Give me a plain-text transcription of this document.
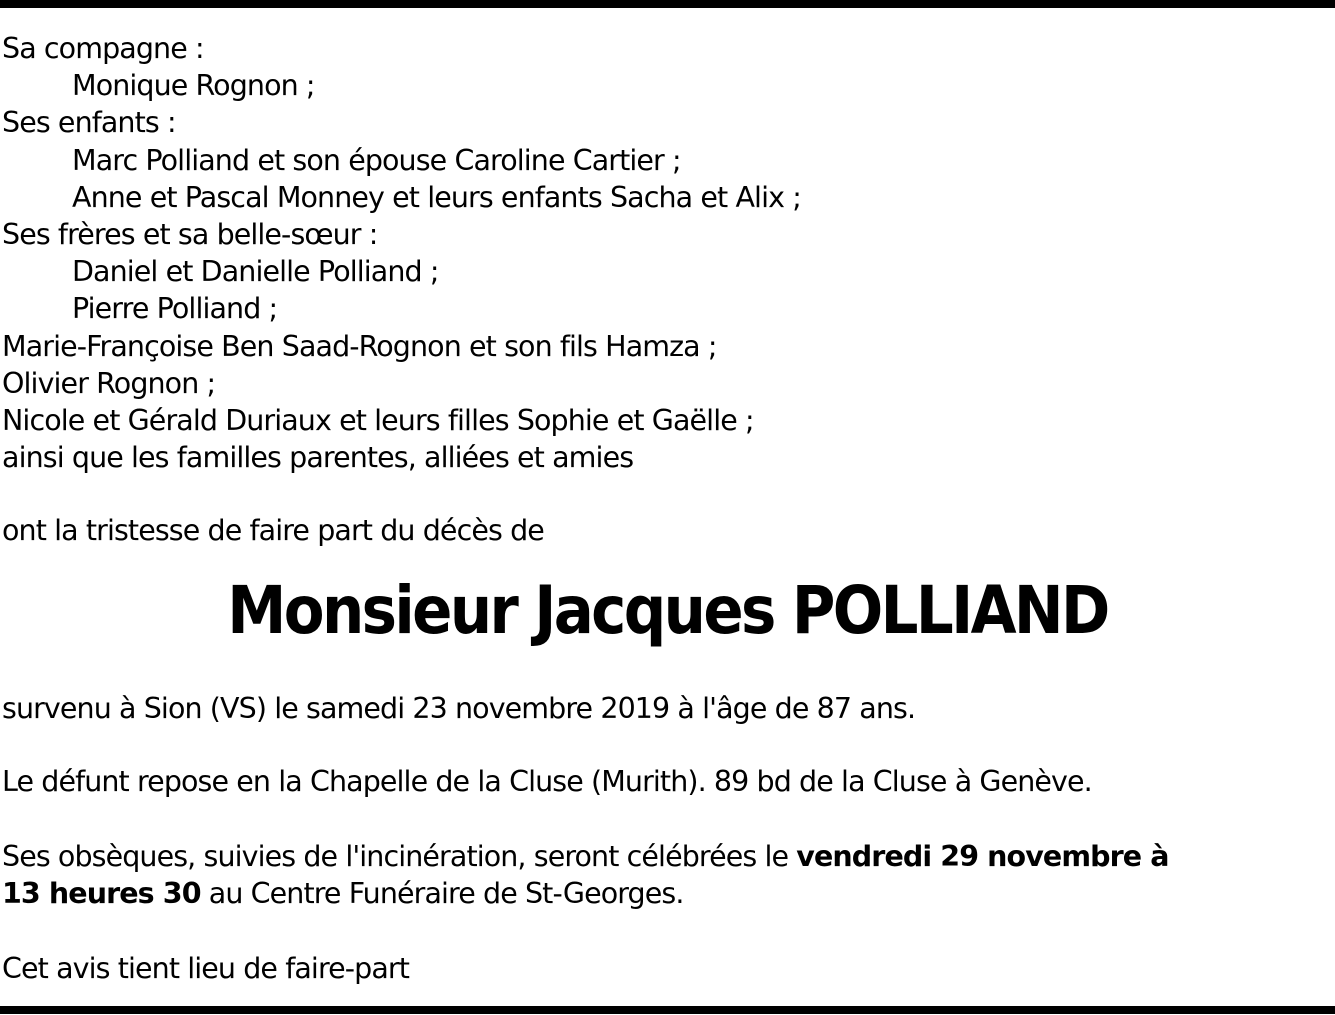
Sa compagne :
Monique Rognon ;
Ses enfants :
Marc Polliand et son épouse Caroline Cartier ;
Anne et Pascal Monney et leurs enfants Sacha et Alix ;
Ses frères et sa belle-sœur :
Daniel et Danielle Polliand ;
Pierre Polliand ;
Marie-Françoise Ben Saad-Rognon et son fils Hamza ;
Olivier Rognon ;
Nicole et Gérald Duriaux et leurs filles Sophie et Gaëlle ;
ainsi que les familles parentes, alliées et amies
ont la tristesse de faire part du décès de
Monsieur Jacques POLLIAND
survenu à Sion (VS) le samedi 23 novembre 2019 à l'âge de 87 ans.
Le défunt repose en la Chapelle de la Cluse (Murith). 89 bd de la Cluse à Genève.
Ses obsèques, suivies de l'incinération, seront célébrées le vendredi 29 novembre à
13 heures 30 au Centre Funéraire de St-Georges.
Cet avis tient lieu de faire-part
